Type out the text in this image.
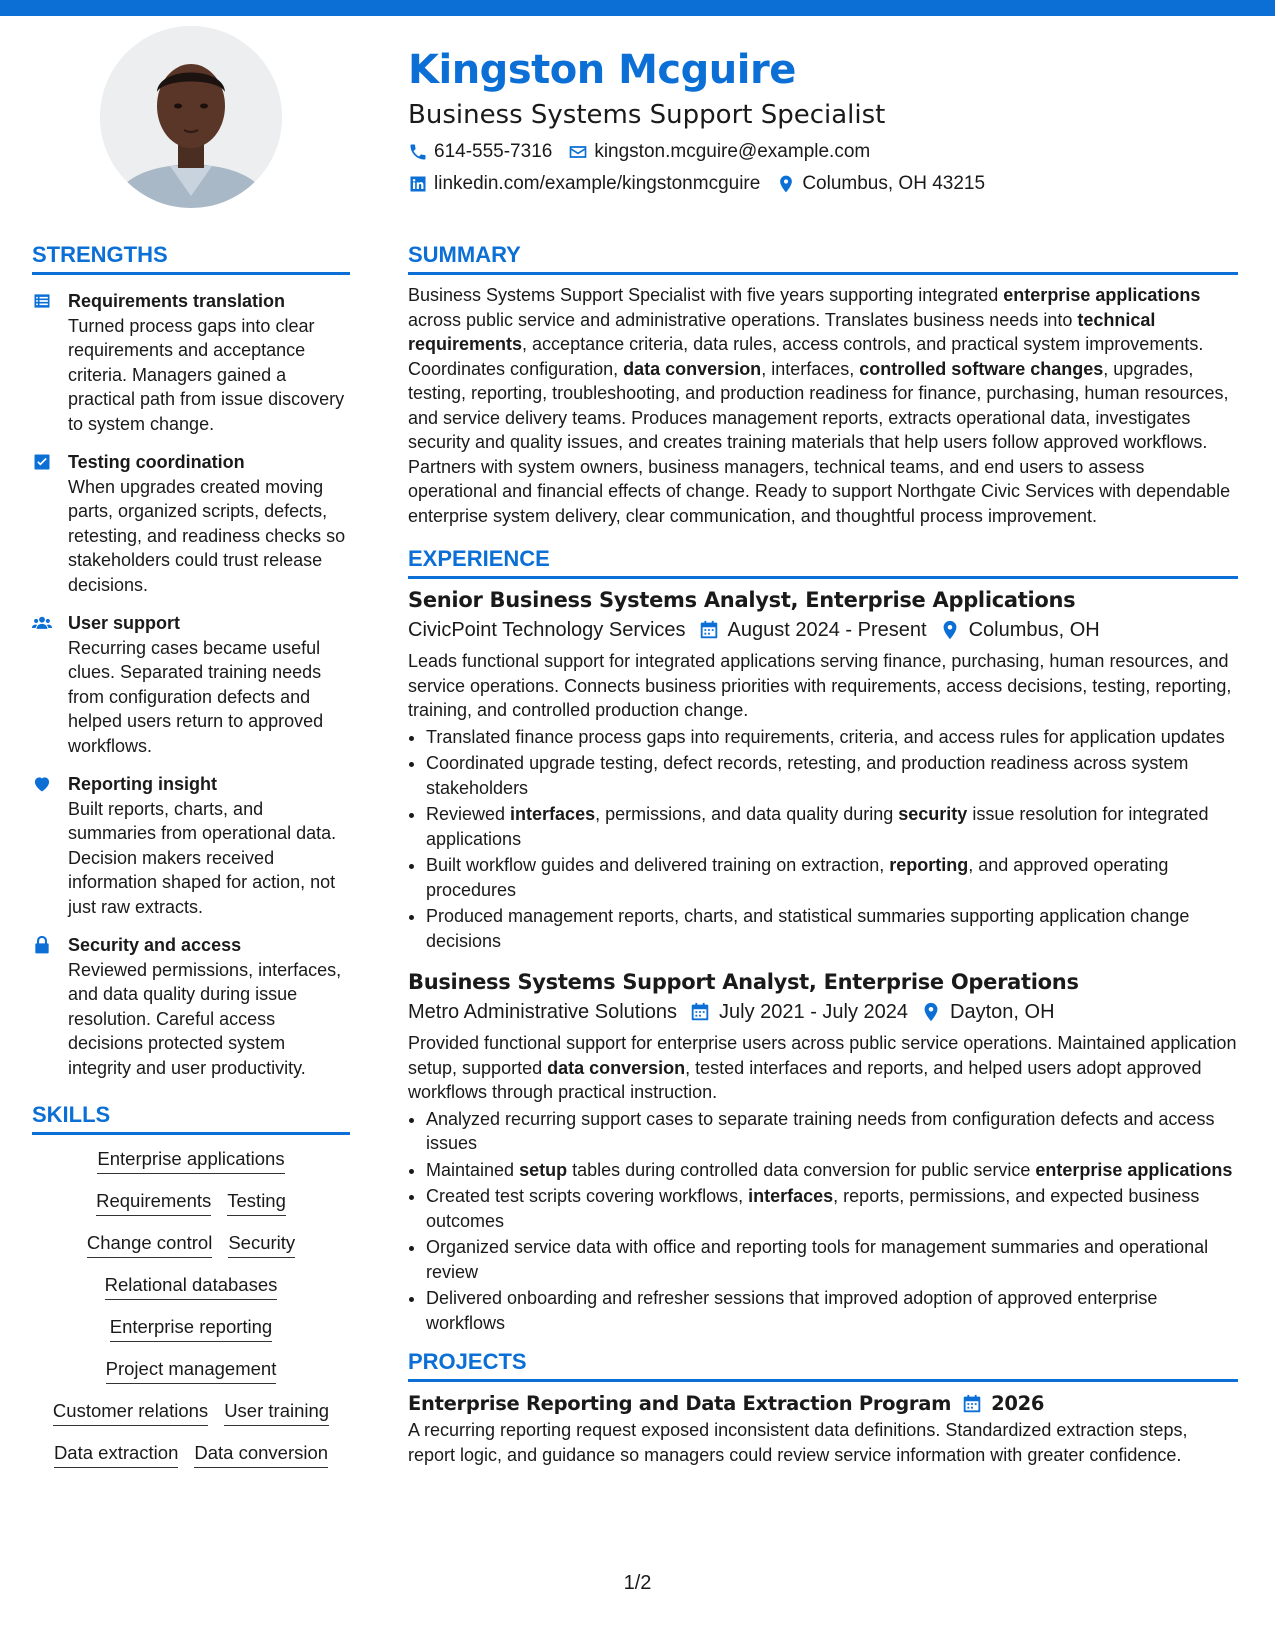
Kingston Mcguire
Business Systems Support Specialist
614-555-7316 kingston.mcguire@example.com
linkedin.com/example/kingstonmcguire Columbus, OH 43215
STRENGTHS
Requirements translation
Turned process gaps into clear requirements and acceptance criteria. Managers gained a practical path from issue discovery to system change.
Testing coordination
When upgrades created moving parts, organized scripts, defects, retesting, and readiness checks so stakeholders could trust release decisions.
User support
Recurring cases became useful clues. Separated training needs from configuration defects and helped users return to approved workflows.
Reporting insight
Built reports, charts, and summaries from operational data. Decision makers received information shaped for action, not just raw extracts.
Security and access
Reviewed permissions, interfaces, and data quality during issue resolution. Careful access decisions protected system integrity and user productivity.
SKILLS
Enterprise applications
Requirements Testing
Change control Security
Relational databases
Enterprise reporting
Project management
Customer relations User training
Data extraction Data conversion
SUMMARY
Business Systems Support Specialist with five years supporting integrated enterprise applications across public service and administrative operations. Translates business needs into technical requirements, acceptance criteria, data rules, access controls, and practical system improvements. Coordinates configuration, data conversion, interfaces, controlled software changes, upgrades, testing, reporting, troubleshooting, and production readiness for finance, purchasing, human resources, and service delivery teams. Produces management reports, extracts operational data, investigates security and quality issues, and creates training materials that help users follow approved workflows. Partners with system owners, business managers, technical teams, and end users to assess operational and financial effects of change. Ready to support Northgate Civic Services with dependable enterprise system delivery, clear communication, and thoughtful process improvement.
EXPERIENCE
Senior Business Systems Analyst, Enterprise Applications
CivicPoint Technology Services August 2024 - Present Columbus, OH
Leads functional support for integrated applications serving finance, purchasing, human resources, and service operations. Connects business priorities with requirements, access decisions, testing, reporting, training, and controlled production change.
• Translated finance process gaps into requirements, criteria, and access rules for application updates
• Coordinated upgrade testing, defect records, retesting, and production readiness across system stakeholders
• Reviewed interfaces, permissions, and data quality during security issue resolution for integrated applications
• Built workflow guides and delivered training on extraction, reporting, and approved operating procedures
• Produced management reports, charts, and statistical summaries supporting application change decisions
Business Systems Support Analyst, Enterprise Operations
Metro Administrative Solutions July 2021 - July 2024 Dayton, OH
Provided functional support for enterprise users across public service operations. Maintained application setup, supported data conversion, tested interfaces and reports, and helped users adopt approved workflows through practical instruction.
• Analyzed recurring support cases to separate training needs from configuration defects and access issues
• Maintained setup tables during controlled data conversion for public service enterprise applications
• Created test scripts covering workflows, interfaces, reports, permissions, and expected business outcomes
• Organized service data with office and reporting tools for management summaries and operational review
• Delivered onboarding and refresher sessions that improved adoption of approved enterprise workflows
PROJECTS
Enterprise Reporting and Data Extraction Program 2026
A recurring reporting request exposed inconsistent data definitions. Standardized extraction steps, report logic, and guidance so managers could review service information with greater confidence.
1/2
